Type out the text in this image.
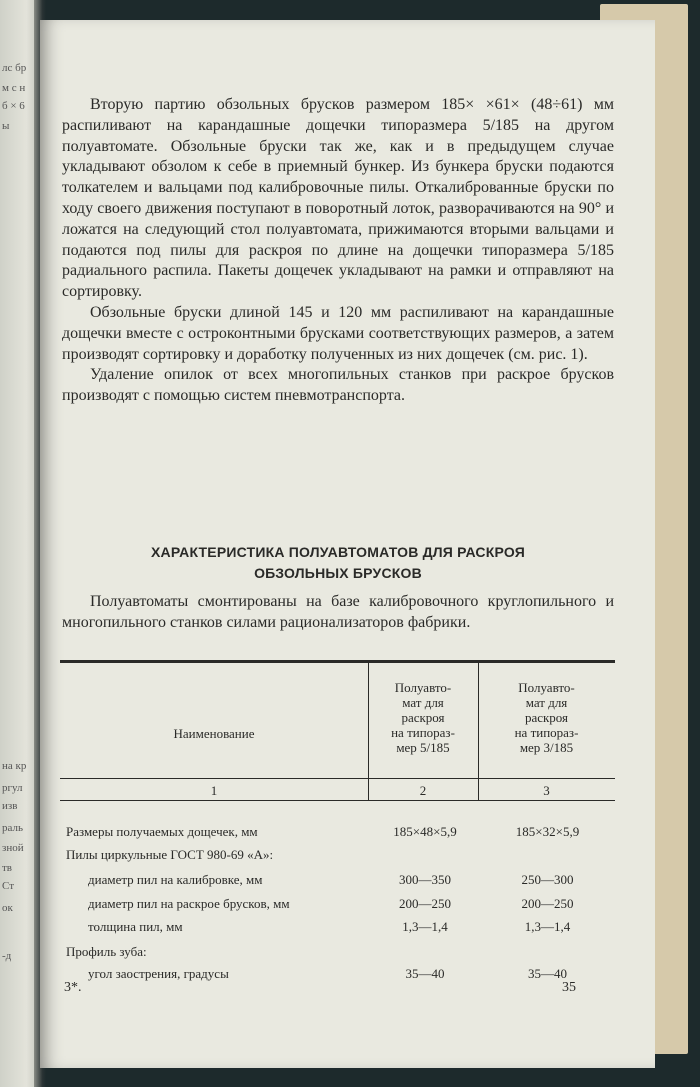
лс бр
м с н
б × 6
ы
на кр
ргул
изв
раль
зной
тв
Ст
ок
-д

Вторую партию обзольных брусков размером 185× ×61× (48÷61) мм распиливают на карандашные дощечки типоразмера 5/185 на другом полуавтомате. Обзольные бруски так же, как и в предыдущем случае укладывают обзолом к себе в приемный бункер. Из бункера бруски подаются толкателем и вальцами под калибровочные пилы. Откалиброванные бруски по ходу своего движения поступают в поворотный лоток, разворачиваются на 90° и ложатся на следующий стол полуавтомата, прижимаются вторыми вальцами и подаются под пилы для раскроя по длине на дощечки типоразмера 5/185 радиального распила. Пакеты дощечек укладывают на рамки и отправляют на сортировку.

Обзольные бруски длиной 145 и 120 мм распиливают на карандашные дощечки вместе с остроконтными брусками соответствующих размеров, а затем производят сортировку и доработку полученных из них дощечек (см. рис. 1).

Удаление опилок от всех многопильных станков при раскрое брусков производят с помощью систем пневмотранспорта.

ХАРАКТЕРИСТИКА ПОЛУАВТОМАТОВ ДЛЯ РАСКРОЯ
ОБЗОЛЬНЫХ БРУСКОВ

Полуавтоматы смонтированы на базе калибровочного круглопильного и многопильного станков силами рационализаторов фабрики.

Наименование
Полуавто-
мат для
раскроя
на типораз-
мер 5/185
Полуавто-
мат для
раскроя
на типораз-
мер 3/185
1	2	3
Размеры получаемых дощечек, мм	185×48×5,9	185×32×5,9
Пилы циркульные ГОСТ 980-69 «А»:
диаметр пил на калибровке, мм	300—350	250—300
диаметр пил на раскрое брусков, мм	200—250	200—250
толщина пил, мм	1,3—1,4	1,3—1,4
Профиль зуба:
угол заострения, градусы	35—40	35—40
3*.	35
